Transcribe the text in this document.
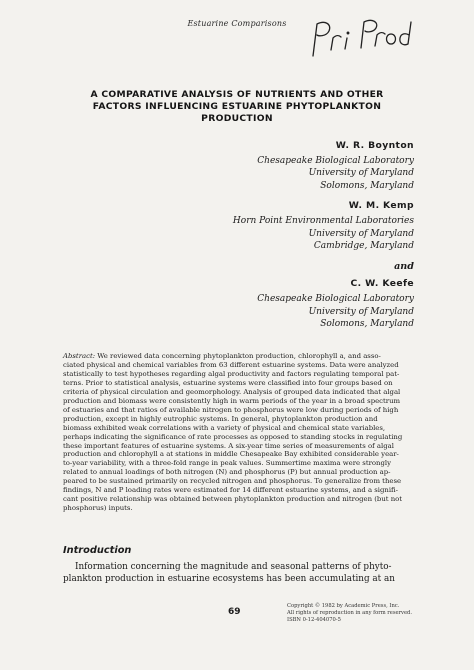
Estuarine Comparisons
A COMPARATIVE ANALYSIS OF NUTRIENTS AND OTHER
FACTORS INFLUENCING ESTUARINE PHYTOPLANKTON
PRODUCTION
W. R. Boynton
Chesapeake Biological Laboratory
University of Maryland
Solomons, Maryland
W. M. Kemp
Horn Point Environmental Laboratories
University of Maryland
Cambridge, Maryland
and
C. W. Keefe
Chesapeake Biological Laboratory
University of Maryland
Solomons, Maryland
Abstract: We reviewed data concerning phytoplankton production, chlorophyll a, and asso-
ciated physical and chemical variables from 63 different estuarine systems. Data were analyzed
statistically to test hypotheses regarding algal productivity and factors regulating temporal pat-
terns. Prior to statistical analysis, estuarine systems were classified into four groups based on
criteria of physical circulation and geomorphology. Analysis of grouped data indicated that algal
production and biomass were consistently high in warm periods of the year in a broad spectrum
of estuaries and that ratios of available nitrogen to phosphorus were low during periods of high
production, except in highly eutrophic systems. In general, phytoplankton production and
biomass exhibited weak correlations with a variety of physical and chemical state variables,
perhaps indicating the significance of rate processes as opposed to standing stocks in regulating
these important features of estuarine systems. A six-year time series of measurements of algal
production and chlorophyll a at stations in middle Chesapeake Bay exhibited considerable year-
to-year variability, with a three-fold range in peak values. Summertime maxima were strongly
related to annual loadings of both nitrogen (N) and phosphorus (P) but annual production ap-
peared to be sustained primarily on recycled nitrogen and phosphorus. To generalize from these
findings, N and P loading rates were estimated for 14 different estuarine systems, and a signifi-
cant positive relationship was obtained between phytoplankton production and nitrogen (but not
phosphorus) inputs.
Introduction
Information concerning the magnitude and seasonal patterns of phyto-
plankton production in estuarine ecosystems has been accumulating at an
69
Copyright © 1982 by Academic Press, Inc.
All rights of reproduction in any form reserved.
ISBN 0-12-404070-5
